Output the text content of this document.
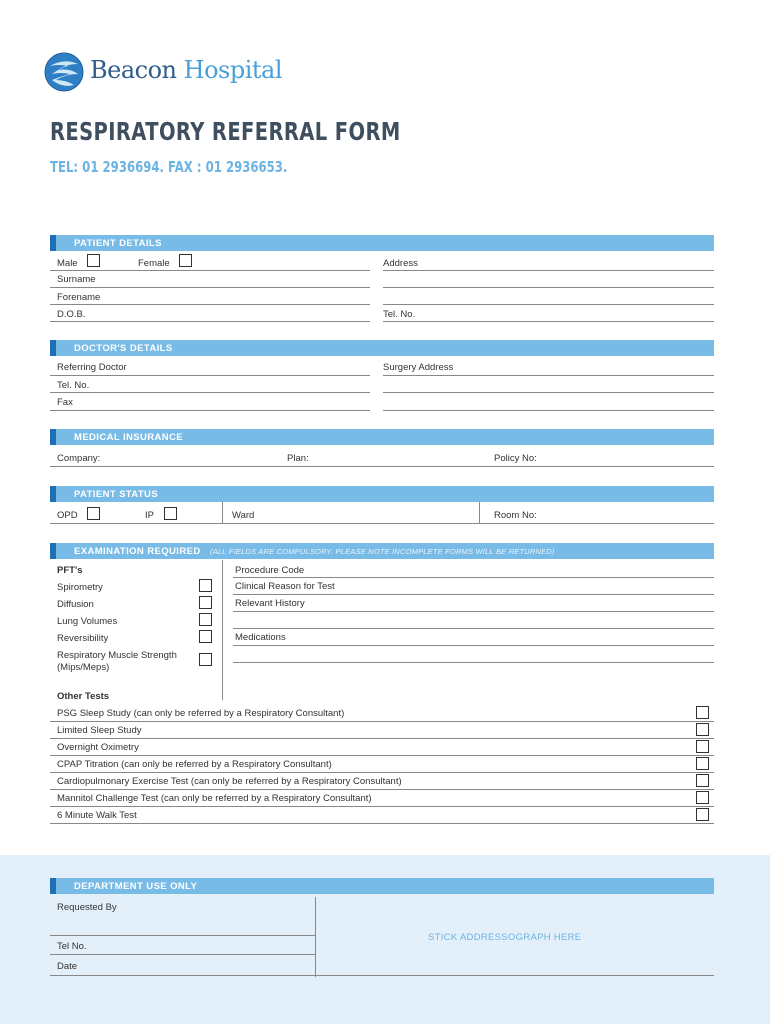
Beacon Hospital
RESPIRATORY REFERRAL FORM
TEL: 01 2936694. FAX : 01 2936653.
PATIENT DETAILS
Male	Female	Address
Surname
Forename
D.O.B.	Tel. No.
DOCTOR'S DETAILS
Referring Doctor	Surgery Address
Tel. No.
Fax
MEDICAL INSURANCE
Company:	Plan:	Policy No:
PATIENT STATUS
OPD	IP	Ward	Room No:
EXAMINATION REQUIRED (ALL FIELDS ARE COMPULSORY. PLEASE NOTE INCOMPLETE FORMS WILL BE RETURNED)
PFT's	Procedure Code
Spirometry	Clinical Reason for Test
Diffusion	Relevant History
Lung Volumes
Reversibility	Medications
Respiratory Muscle Strength
(Mips/Meps)
Other Tests
PSG Sleep Study (can only be referred by a Respiratory Consultant)
Limited Sleep Study
Overnight Oximetry
CPAP Titration (can only be referred by a Respiratory Consultant)
Cardiopulmonary Exercise Test (can only be referred by a Respiratory Consultant)
Mannitol Challenge Test (can only be referred by a Respiratory Consultant)
6 Minute Walk Test
DEPARTMENT USE ONLY
Requested By
Tel No.
Date
STICK ADDRESSOGRAPH HERE
